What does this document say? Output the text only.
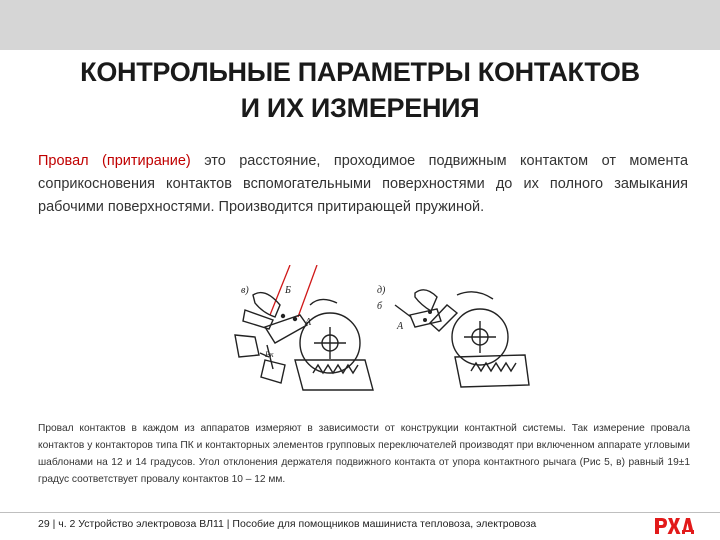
КОНТРОЛЬНЫЕ ПАРАМЕТРЫ КОНТАКТОВ
И ИХ ИЗМЕРЕНИЯ
Провал (притирание) это расстояние, проходимое подвижным контактом от момента соприкосновения контактов вспомогательными поверхностями до их полного замыкания рабочими поверхностями. Производится притирающей пружиной.
в)	Б
А
Рк
д)
б
А
Провал контактов в каждом из аппаратов измеряют в зависимости от конструкции контактной системы. Так измерение провала контактов у контакторов типа ПК и контакторных элементов групповых переключателей производят при включенном аппарате угловыми шаблонами на 12 и 14 градусов. Угол отклонения держателя подвижного контакта от упора контактного рычага (Рис 5, в) равный 19±1 градус соответствует провалу контактов 10 – 12 мм.
29 | ч. 2 Устройство электровоза ВЛ11 | Пособие для помощников машиниста тепловоза, электровоза
